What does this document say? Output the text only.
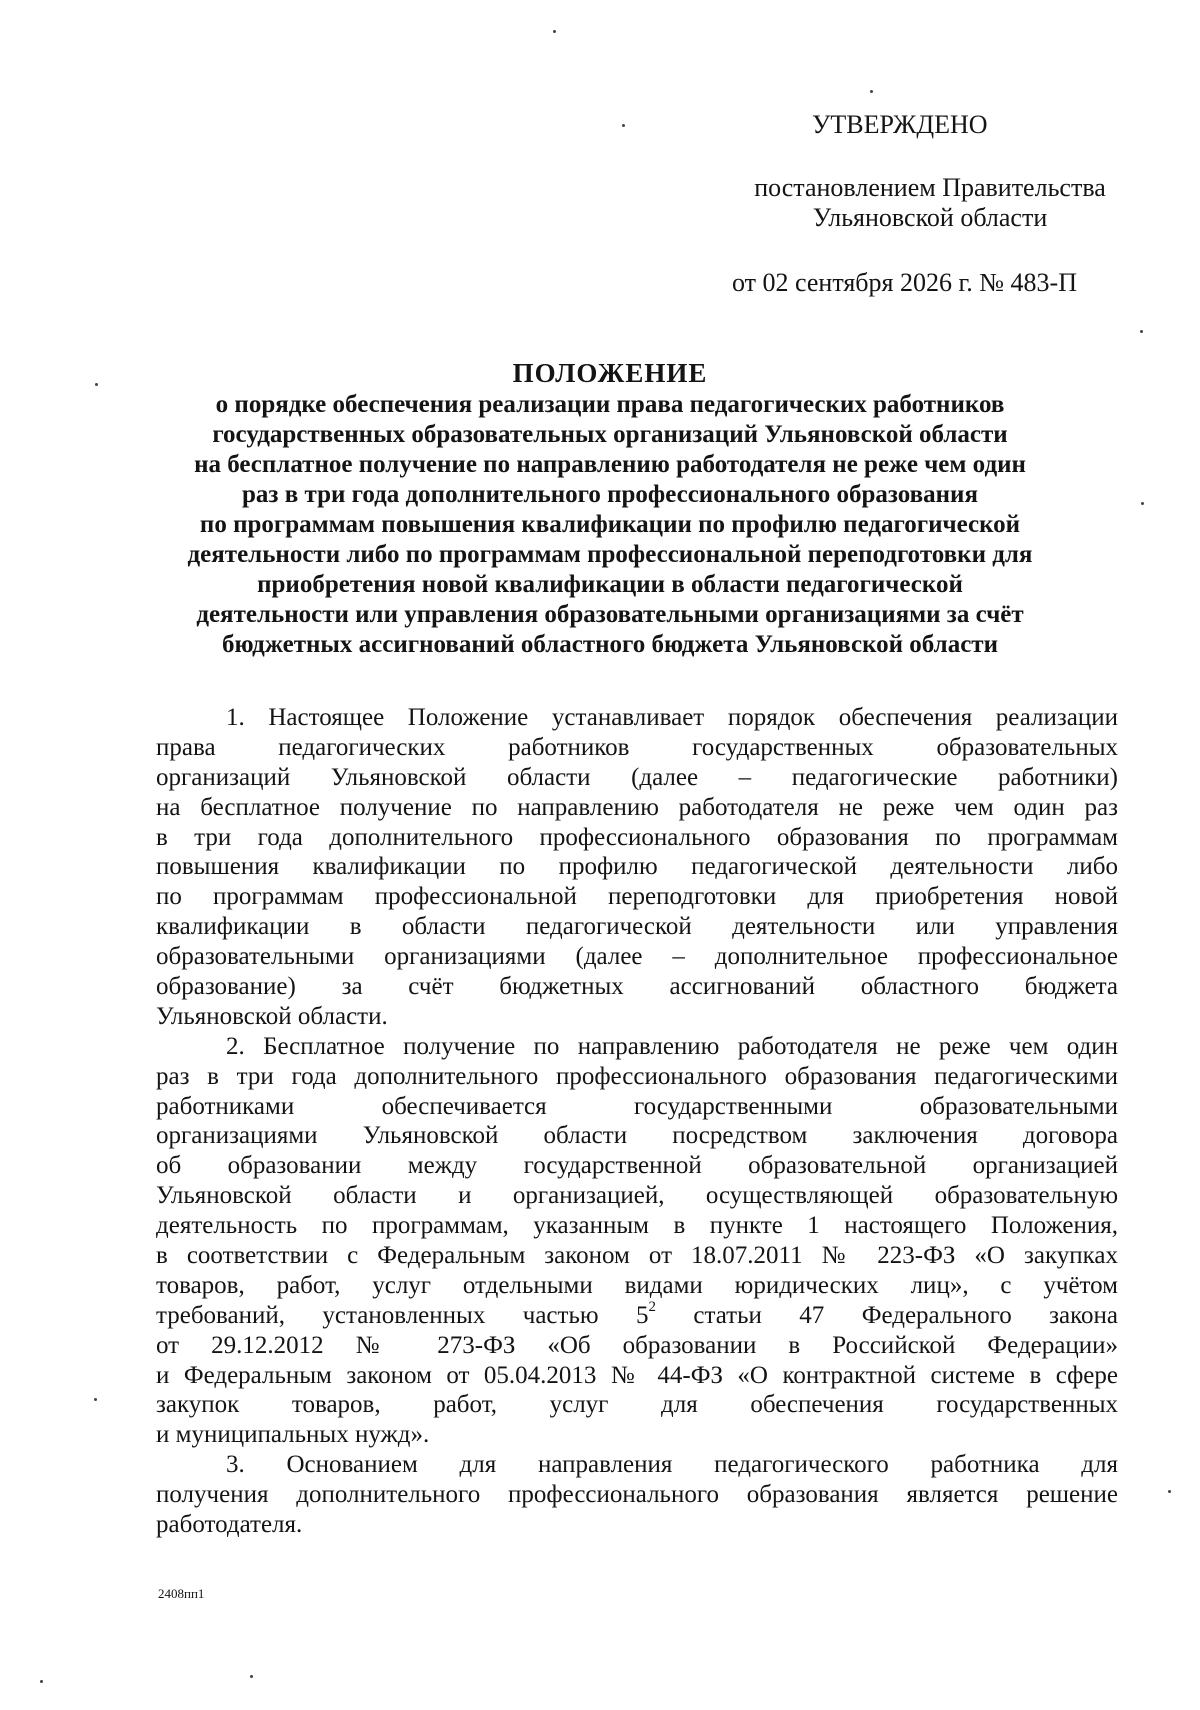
УТВЕРЖДЕНО
постановлением Правительства
Ульяновской области
от 02 сентября 2026 г. № 483-П
ПОЛОЖЕНИЕ
о порядке обеспечения реализации права педагогических работников
государственных образовательных организаций Ульяновской области
на бесплатное получение по направлению работодателя не реже чем один
раз в три года дополнительного профессионального образования
по программам повышения квалификации по профилю педагогической
деятельности либо по программам профессиональной переподготовки для
приобретения новой квалификации в области педагогической
деятельности или управления образовательными организациями за счёт
бюджетных ассигнований областного бюджета Ульяновской области
1. Настоящее Положение устанавливает порядок обеспечения реализации
права педагогических работников государственных образовательных
организаций Ульяновской области (далее – педагогические работники)
на бесплатное получение по направлению работодателя не реже чем один раз
в три года дополнительного профессионального образования по программам
повышения квалификации по профилю педагогической деятельности либо
по программам профессиональной переподготовки для приобретения новой
квалификации в области педагогической деятельности или управления
образовательными организациями (далее – дополнительное профессиональное
образование) за счёт бюджетных ассигнований областного бюджета
Ульяновской области.
2. Бесплатное получение по направлению работодателя не реже чем один
раз в три года дополнительного профессионального образования педагогическими
работниками обеспечивается государственными образовательными
организациями Ульяновской области посредством заключения договора
об образовании между государственной образовательной организацией
Ульяновской области и организацией, осуществляющей образовательную
деятельность по программам, указанным в пункте 1 настоящего Положения,
в соответствии с Федеральным законом от 18.07.2011 № 223-ФЗ «О закупках
товаров, работ, услуг отдельными видами юридических лиц», с учётом
требований, установленных частью $5^2$ статьи 47 Федерального закона
от 29.12.2012 № 273-ФЗ «Об образовании в Российской Федерации»
и Федеральным законом от 05.04.2013 № 44-ФЗ «О контрактной системе в сфере
закупок товаров, работ, услуг для обеспечения государственных
и муниципальных нужд».
3. Основанием для направления педагогического работника для
получения дополнительного профессионального образования является решение
работодателя.
2408пп1
